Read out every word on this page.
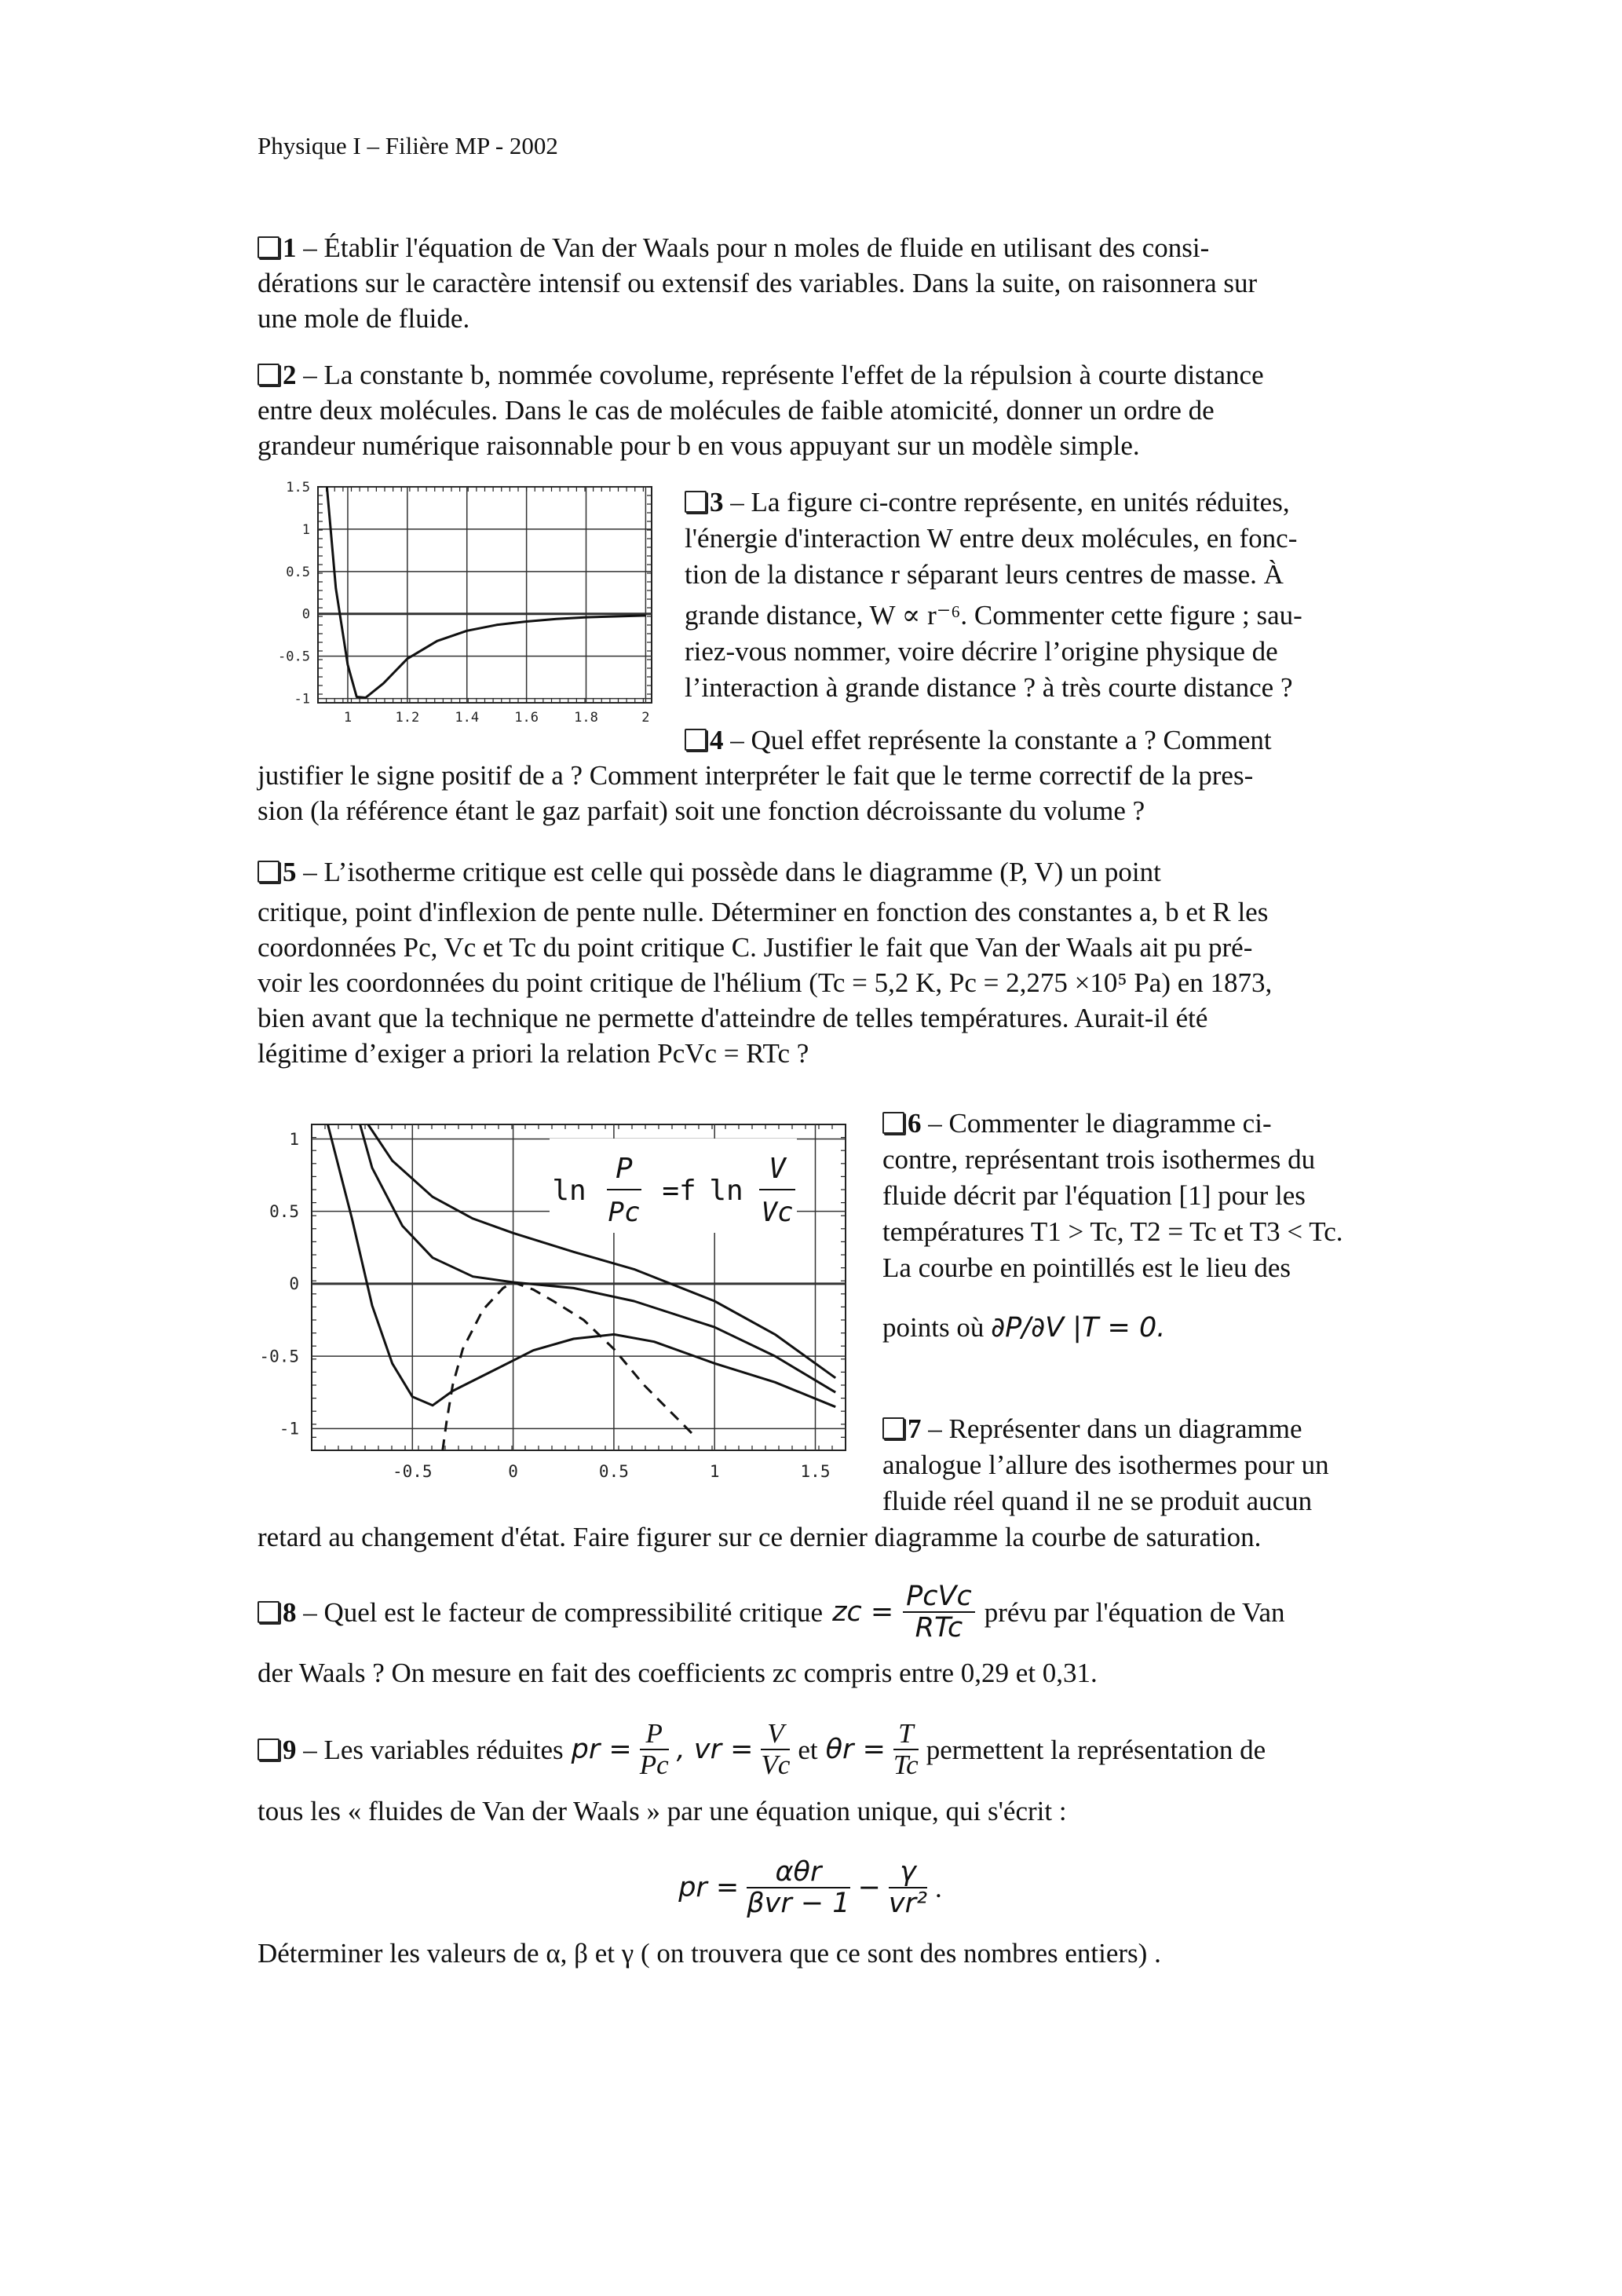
Physique I – Filière MP - 2002
1 – Établir l'équation de Van der Waals pour n moles de fluide en utilisant des consi-
dérations sur le caractère intensif ou extensif des variables. Dans la suite, on raisonnera sur
une mole de fluide.
2 – La constante b, nommée covolume, représente l'effet de la répulsion à courte distance
entre deux molécules. Dans le cas de molécules de faible atomicité, donner un ordre de
grandeur numérique raisonnable pour b en vous appuyant sur un modèle simple.
1	1.2	1.4	1.6	1.8	2
1.5
1
0.5
0
-0.5
-1
3 – La figure ci-contre représente, en unités réduites,
l'énergie d'interaction W entre deux molécules, en fonc-
tion de la distance r séparant leurs centres de masse. À
grande distance, W ∝ r⁻⁶. Commenter cette figure ; sau-
riez-vous nommer, voire décrire l’origine physique de
l’interaction à grande distance ? à très courte distance ?
4 – Quel effet représente la constante a ? Comment
justifier le signe positif de a ? Comment interpréter le fait que le terme correctif de la pres-
sion (la référence étant le gaz parfait) soit une fonction décroissante du volume ?
5 – L’isotherme critique est celle qui possède dans le diagramme (P, V) un point
critique, point d'inflexion de pente nulle. Déterminer en fonction des constantes a, b et R les
coordonnées Pc, Vc et Tc du point critique C. Justifier le fait que Van der Waals ait pu pré-
voir les coordonnées du point critique de l'hélium (Tc = 5,2 K, Pc = 2,275 ×10⁵ Pa) en 1873,
bien avant que la technique ne permette d'atteindre de telles températures. Aurait-il été
légitime d’exiger a priori la relation PcVc = RTc ?
-0.5	0	0.5	1	1.5
1
0.5
0
-0.5
-1
ln
P
Pc
=f ln
V
Vc
6 – Commenter le diagramme ci-
contre, représentant trois isothermes du
fluide décrit par l'équation [1] pour les
températures T1 > Tc, T2 = Tc et T3 < Tc.
La courbe en pointillés est le lieu des
points où ∂P/∂V |T = 0.
7 – Représenter dans un diagramme
analogue l’allure des isothermes pour un
fluide réel quand il ne se produit aucun
retard au changement d'état. Faire figurer sur ce dernier diagramme la courbe de saturation.
8 – Quel est le facteur de compressibilité critique zc = $\frac{\text{PcVc}}{\text{RTc}}$ prévu par l'équation de Van
der Waals ? On mesure en fait des coefficients zc compris entre 0,29 et 0,31.
9 – Les variables réduites pr = $\frac{P}{Pc}$ , vr = $\frac{V}{Vc}$ et $\theta r = \frac{T}{Tc}$ permettent la représentation de
tous les « fluides de Van der Waals » par une équation unique, qui s'écrit :
pr = $\frac{\text{αθr}}{\text{βvr − 1}} - \frac{\gamma}{\text{vr²}}$ .
Déterminer les valeurs de α, β et γ ( on trouvera que ce sont des nombres entiers) .
